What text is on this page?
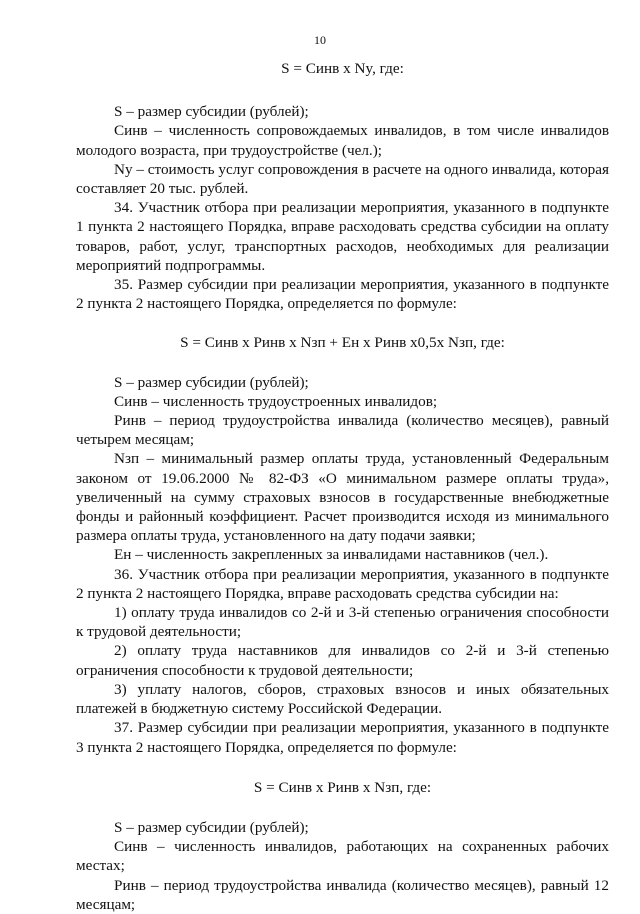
10

S = Синв x Ny, где:

S – размер субсидии (рублей);

Синв – численность сопровождаемых инвалидов, в том числе инвалидов молодого возраста, при трудоустройстве (чел.);

Ny – стоимость услуг сопровождения в расчете на одного инвалида, которая составляет 20 тыс. рублей.

34. Участник отбора при реализации мероприятия, указанного в подпункте 1 пункта 2 настоящего Порядка, вправе расходовать средства субсидии на оплату товаров, работ, услуг, транспортных расходов, необходимых для реализации мероприятий подпрограммы.

35. Размер субсидии при реализации мероприятия, указанного в подпункте 2 пункта 2 настоящего Порядка, определяется по формуле:

S = Синв x Ринв x Nзп + Ен x Ринв x0,5x Nзп, где:

S – размер субсидии (рублей);

Синв – численность трудоустроенных инвалидов;

Ринв – период трудоустройства инвалида (количество месяцев), равный четырем месяцам;

Nзп – минимальный размер оплаты труда, установленный Федеральным законом от 19.06.2000 № 82-ФЗ «О минимальном размере оплаты труда», увеличенный на сумму страховых взносов в государственные внебюджетные фонды и районный коэффициент. Расчет производится исходя из минимального размера оплаты труда, установленного на дату подачи заявки;

Ен – численность закрепленных за инвалидами наставников (чел.).

36. Участник отбора при реализации мероприятия, указанного в подпункте 2 пункта 2 настоящего Порядка, вправе расходовать средства субсидии на:

1) оплату труда инвалидов со 2-й и 3-й степенью ограничения способности к трудовой деятельности;

2) оплату труда наставников для инвалидов со 2-й и 3-й степенью ограничения способности к трудовой деятельности;

3) уплату налогов, сборов, страховых взносов и иных обязательных платежей в бюджетную систему Российской Федерации.

37. Размер субсидии при реализации мероприятия, указанного в подпункте 3 пункта 2 настоящего Порядка, определяется по формуле:

S = Синв x Ринв x Nзп, где:

S – размер субсидии (рублей);

Синв – численность инвалидов, работающих на сохраненных рабочих местах;

Ринв – период трудоустройства инвалида (количество месяцев), равный 12 месяцам;
